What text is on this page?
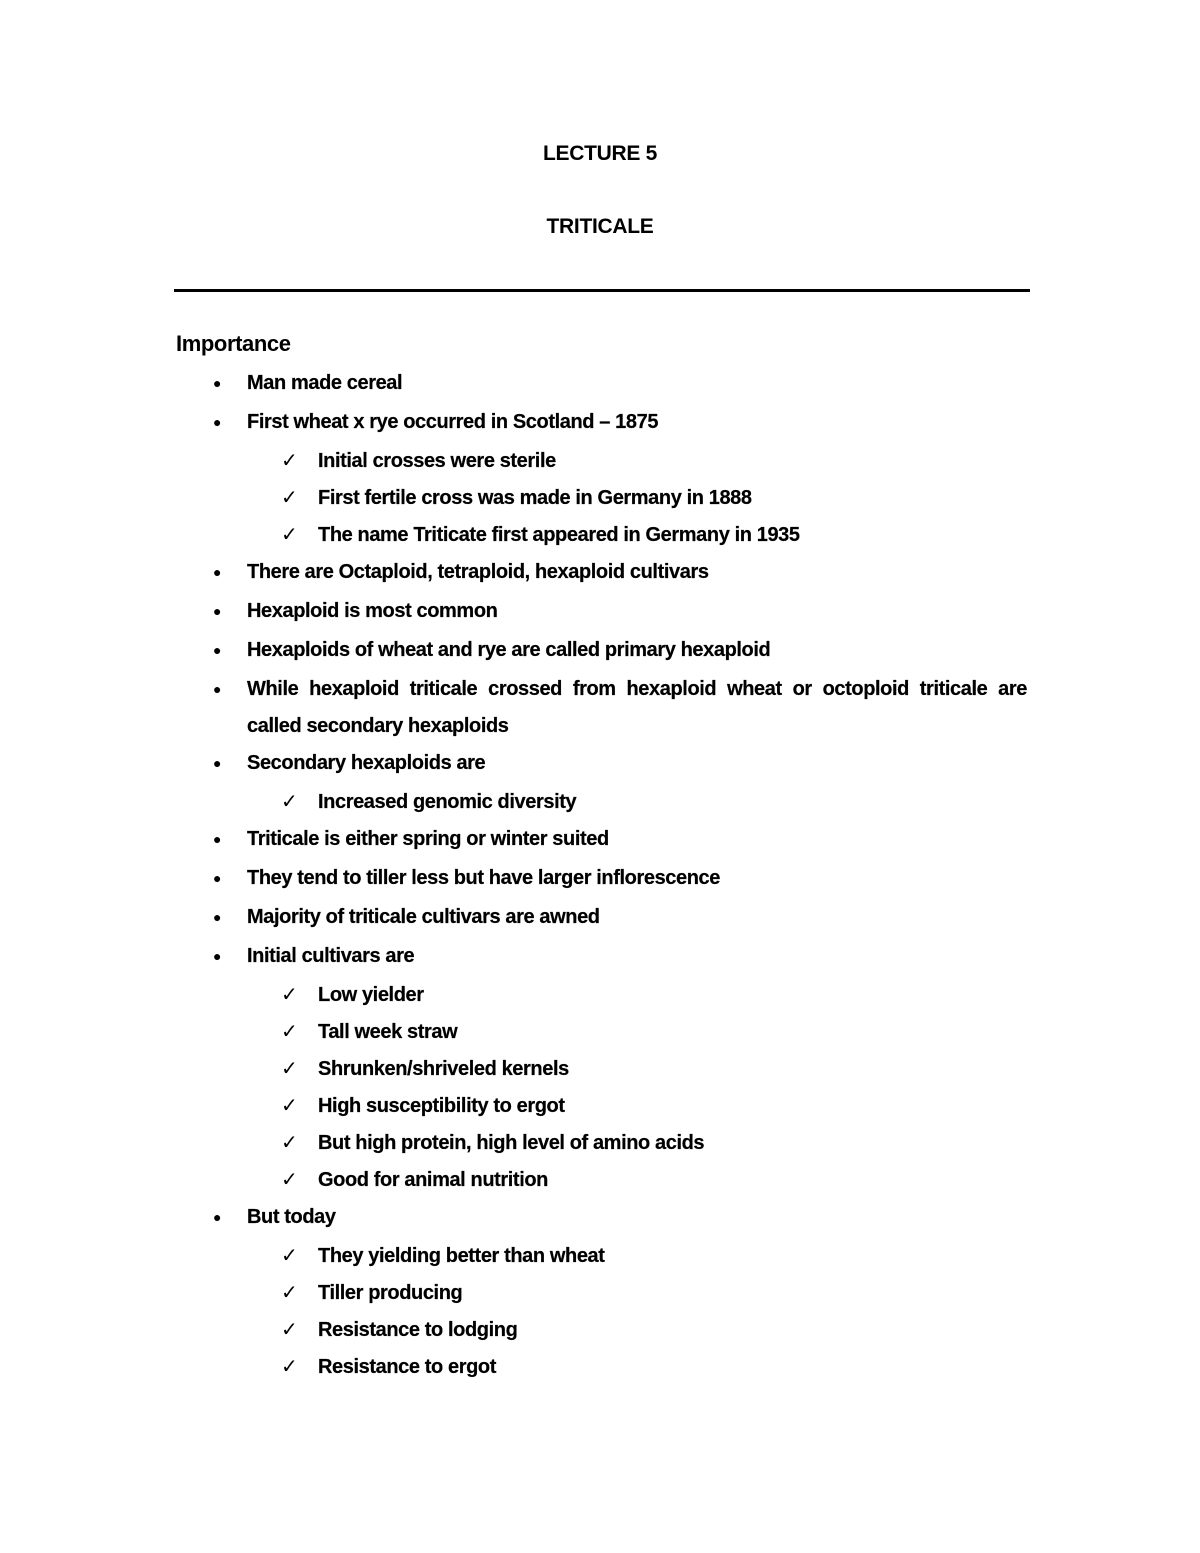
LECTURE 5
TRITICALE
Importance
● Man made cereal
● First wheat x rye occurred in Scotland – 1875
✓ Initial crosses were sterile
✓ First fertile cross was made in Germany in 1888
✓ The name Triticate first appeared in Germany in 1935
● There are Octaploid, tetraploid, hexaploid cultivars
● Hexaploid is most common
● Hexaploids of wheat and rye are called primary hexaploid
● While hexaploid triticale crossed from hexaploid wheat or octoploid triticale are called secondary hexaploids
● Secondary hexaploids are
✓ Increased genomic diversity
● Triticale is either spring or winter suited
● They tend to tiller less but have larger inflorescence
● Majority of triticale cultivars are awned
● Initial cultivars are
✓ Low yielder
✓ Tall week straw
✓ Shrunken/shriveled kernels
✓ High susceptibility to ergot
✓ But high protein, high level of amino acids
✓ Good for animal nutrition
● But today
✓ They yielding better than wheat
✓ Tiller producing
✓ Resistance to lodging
✓ Resistance to ergot
